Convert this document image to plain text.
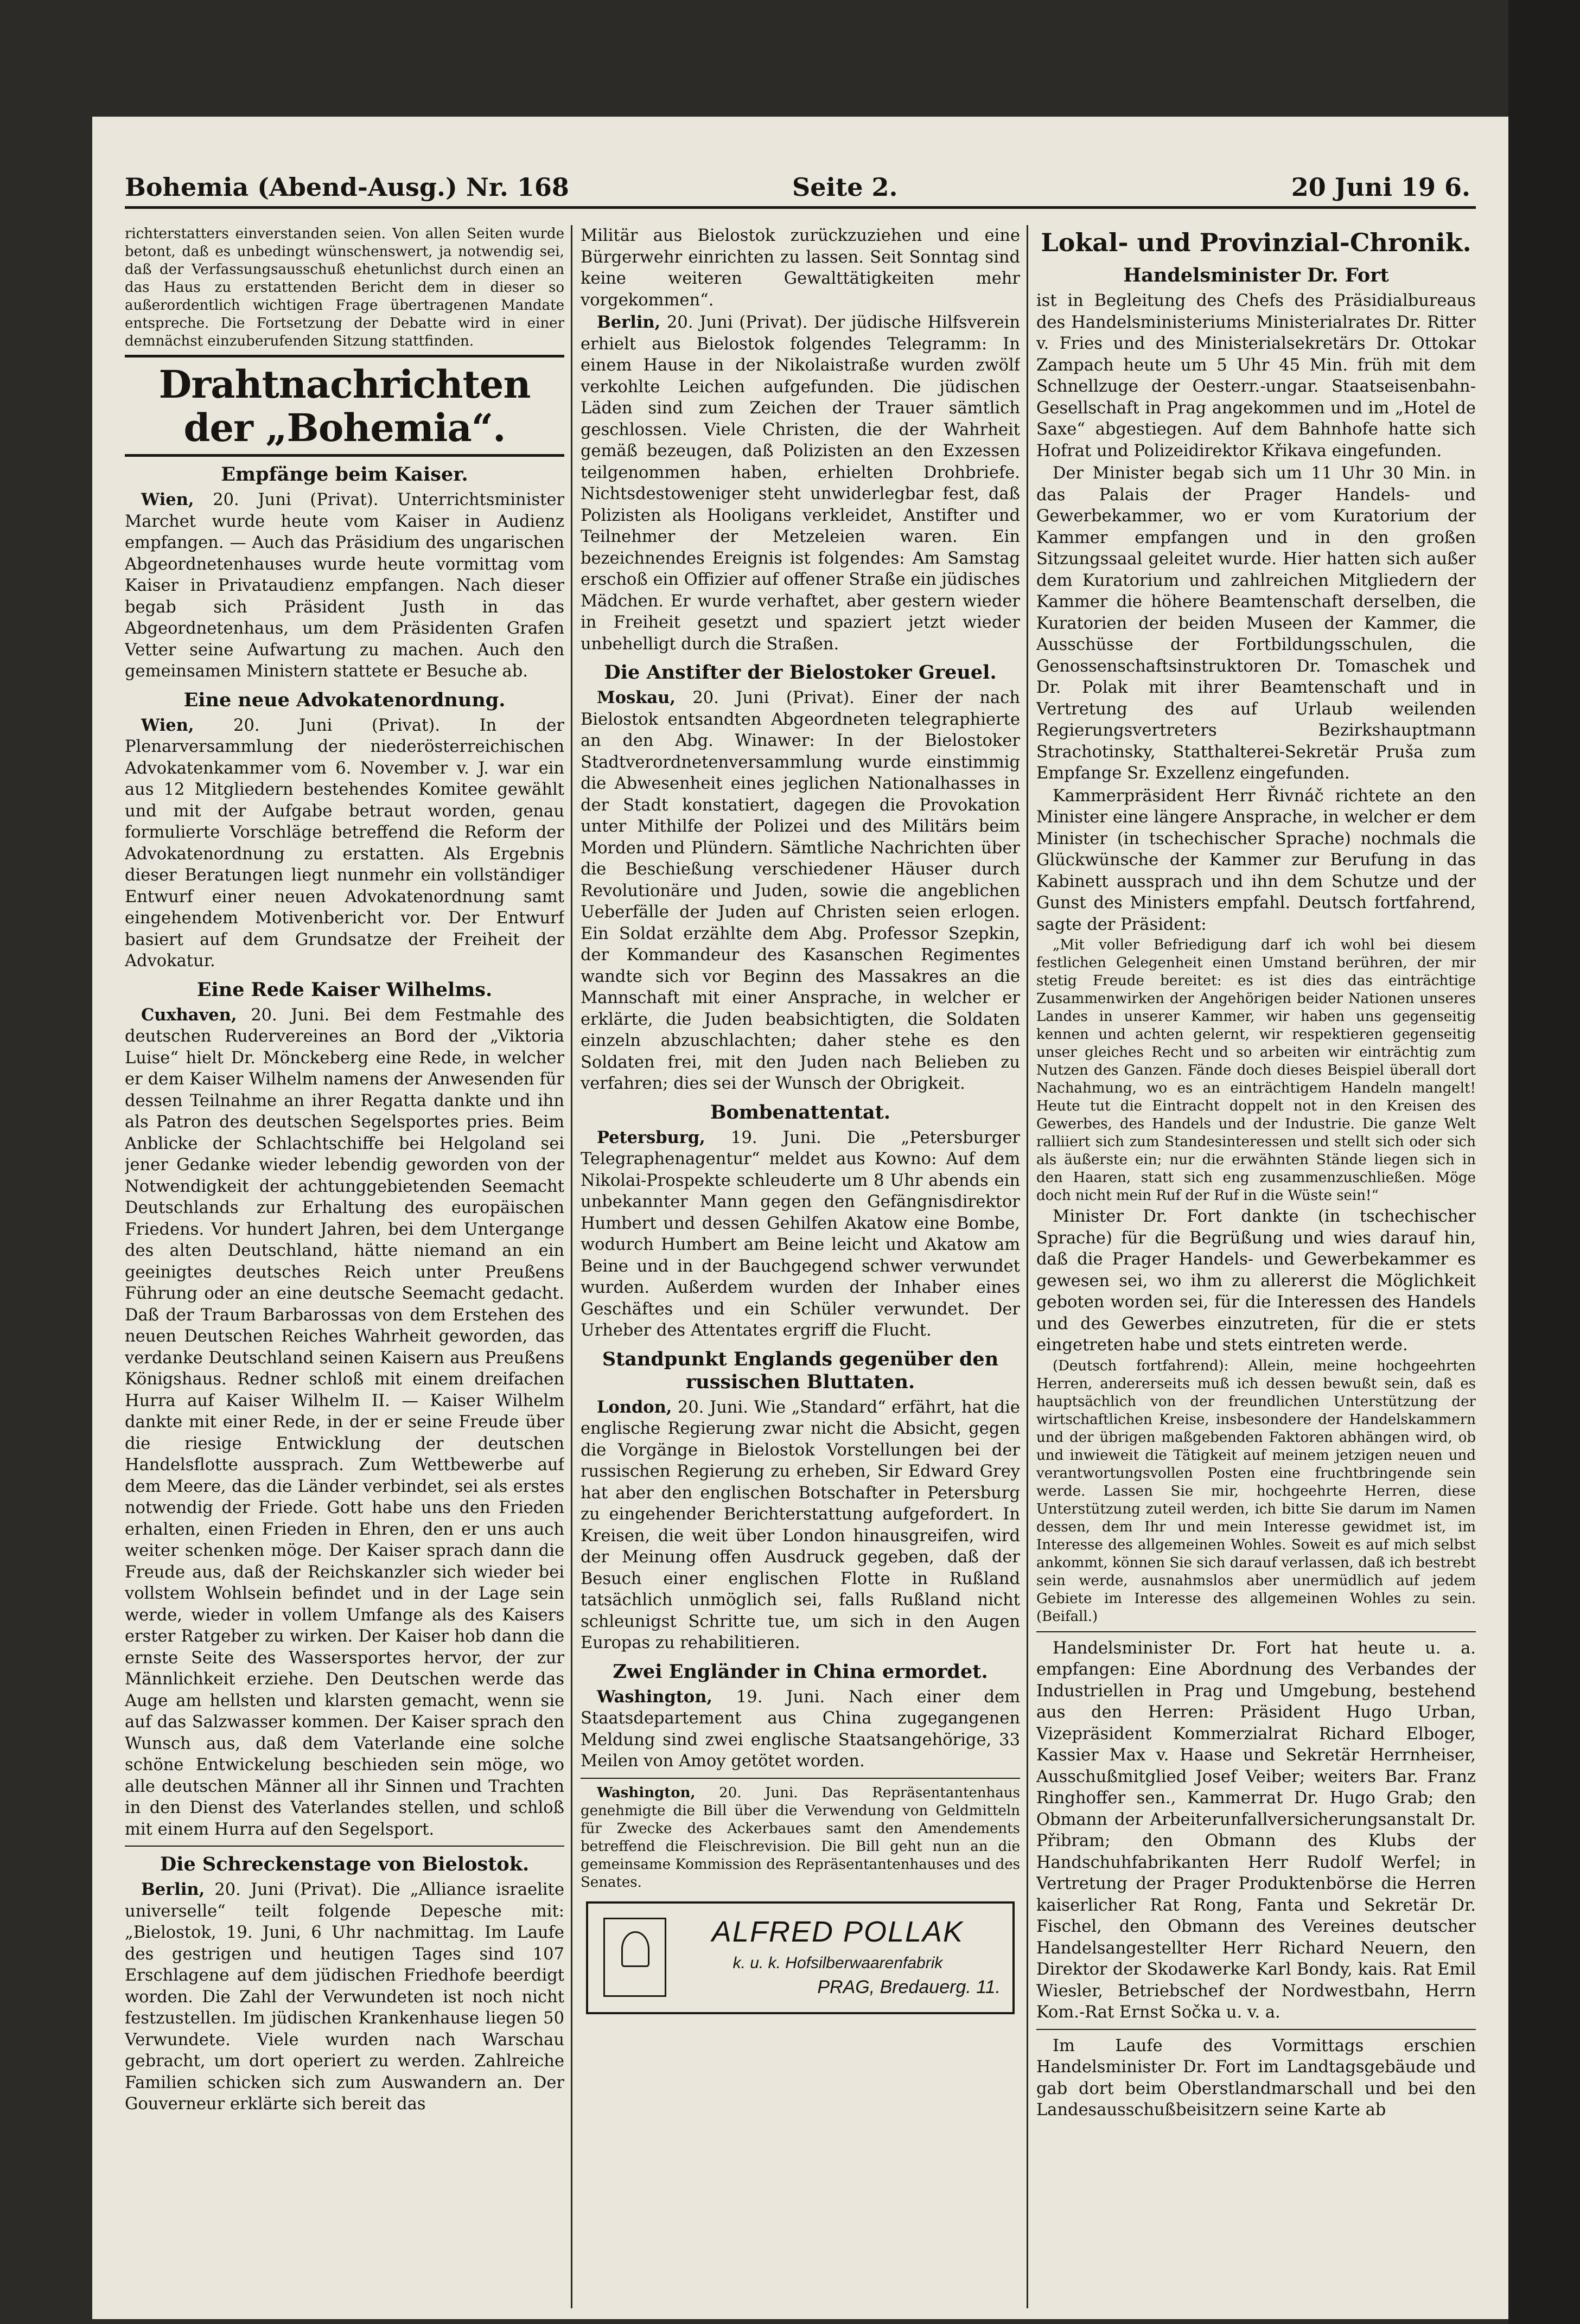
Bohemia (Abend-Ausg.) Nr. 168	Seite 2.	20 Juni 19 6.

richterstatters einverstanden seien. Von allen Seiten wurde betont, daß es unbedingt wünschenswert, ja notwendig sei, daß der Verfassungsausschuß ehetunlichst durch einen an das Haus zu erstattenden Bericht dem in dieser so außerordentlich wichtigen Frage übertragenen Mandate entspreche. Die Fortsetzung der Debatte wird in einer demnächst einzuberufenden Sitzung stattfinden.

Drahtnachrichten der „Bohemia“.
Empfänge beim Kaiser.

Wien, 20. Juni (Privat). Unterrichtsminister Marchet wurde heute vom Kaiser in Audienz empfangen. — Auch das Präsidium des ungarischen Abgeordnetenhauses wurde heute vormittag vom Kaiser in Privataudienz empfangen. Nach dieser begab sich Präsident Justh in das Abgeordnetenhaus, um dem Präsidenten Grafen Vetter seine Aufwartung zu machen. Auch den gemeinsamen Ministern stattete er Besuche ab.

Eine neue Advokatenordnung.

Wien, 20. Juni (Privat). In der Plenarversammlung der niederösterreichischen Advokatenkammer vom 6. November v. J. war ein aus 12 Mitgliedern bestehendes Komitee gewählt und mit der Aufgabe betraut worden, genau formulierte Vorschläge betreffend die Reform der Advokatenordnung zu erstatten. Als Ergebnis dieser Beratungen liegt nunmehr ein vollständiger Entwurf einer neuen Advokatenordnung samt eingehendem Motivenbericht vor. Der Entwurf basiert auf dem Grundsatze der Freiheit der Advokatur.

Eine Rede Kaiser Wilhelms.

Cuxhaven, 20. Juni. Bei dem Festmahle des deutschen Rudervereines an Bord der „Viktoria Luise“ hielt Dr. Mönckeberg eine Rede, in welcher er dem Kaiser Wilhelm namens der Anwesenden für dessen Teilnahme an ihrer Regatta dankte und ihn als Patron des deutschen Segelsportes pries. Beim Anblicke der Schlachtschiffe bei Helgoland sei jener Gedanke wieder lebendig geworden von der Notwendigkeit der achtunggebietenden Seemacht Deutschlands zur Erhaltung des europäischen Friedens. Vor hundert Jahren, bei dem Untergange des alten Deutschland, hätte niemand an ein geeinigtes deutsches Reich unter Preußens Führung oder an eine deutsche Seemacht gedacht. Daß der Traum Barbarossas von dem Erstehen des neuen Deutschen Reiches Wahrheit geworden, das verdanke Deutschland seinen Kaisern aus Preußens Königshaus. Redner schloß mit einem dreifachen Hurra auf Kaiser Wilhelm II. — Kaiser Wilhelm dankte mit einer Rede, in der er seine Freude über die riesige Entwicklung der deutschen Handelsflotte aussprach. Zum Wettbewerbe auf dem Meere, das die Länder verbindet, sei als erstes notwendig der Friede. Gott habe uns den Frieden erhalten, einen Frieden in Ehren, den er uns auch weiter schenken möge. Der Kaiser sprach dann die Freude aus, daß der Reichskanzler sich wieder bei vollstem Wohlsein befindet und in der Lage sein werde, wieder in vollem Umfange als des Kaisers erster Ratgeber zu wirken. Der Kaiser hob dann die ernste Seite des Wassersportes hervor, der zur Männlichkeit erziehe. Den Deutschen werde das Auge am hellsten und klarsten gemacht, wenn sie auf das Salzwasser kommen. Der Kaiser sprach den Wunsch aus, daß dem Vaterlande eine solche schöne Entwickelung beschieden sein möge, wo alle deutschen Männer all ihr Sinnen und Trachten in den Dienst des Vaterlandes stellen, und schloß mit einem Hurra auf den Segelsport.

Die Schreckenstage von Bielostok.

Berlin, 20. Juni (Privat). Die „Alliance israelite universelle“ teilt folgende Depesche mit: „Bielostok, 19. Juni, 6 Uhr nachmittag. Im Laufe des gestrigen und heutigen Tages sind 107 Erschlagene auf dem jüdischen Friedhofe beerdigt worden. Die Zahl der Verwundeten ist noch nicht festzustellen. Im jüdischen Krankenhause liegen 50 Verwundete. Viele wurden nach Warschau gebracht, um dort operiert zu werden. Zahlreiche Familien schicken sich zum Auswandern an. Der Gouverneur erklärte sich bereit das

Militär aus Bielostok zurückzuziehen und eine Bürgerwehr einrichten zu lassen. Seit Sonntag sind keine weiteren Gewalttätigkeiten mehr vorgekommen“.

Berlin, 20. Juni (Privat). Der jüdische Hilfsverein erhielt aus Bielostok folgendes Telegramm: In einem Hause in der Nikolaistraße wurden zwölf verkohlte Leichen aufgefunden. Die jüdischen Läden sind zum Zeichen der Trauer sämtlich geschlossen. Viele Christen, die der Wahrheit gemäß bezeugen, daß Polizisten an den Exzessen teilgenommen haben, erhielten Drohbriefe. Nichtsdestoweniger steht unwiderlegbar fest, daß Polizisten als Hooligans verkleidet, Anstifter und Teilnehmer der Metzeleien waren. Ein bezeichnendes Ereignis ist folgendes: Am Samstag erschoß ein Offizier auf offener Straße ein jüdisches Mädchen. Er wurde verhaftet, aber gestern wieder in Freiheit gesetzt und spaziert jetzt wieder unbehelligt durch die Straßen.

Die Anstifter der Bielostoker Greuel.

Moskau, 20. Juni (Privat). Einer der nach Bielostok entsandten Abgeordneten telegraphierte an den Abg. Winawer: In der Bielostoker Stadtverordnetenversammlung wurde einstimmig die Abwesenheit eines jeglichen Nationalhasses in der Stadt konstatiert, dagegen die Provokation unter Mithilfe der Polizei und des Militärs beim Morden und Plündern. Sämtliche Nachrichten über die Beschießung verschiedener Häuser durch Revolutionäre und Juden, sowie die angeblichen Ueberfälle der Juden auf Christen seien erlogen. Ein Soldat erzählte dem Abg. Professor Szepkin, der Kommandeur des Kasanschen Regimentes wandte sich vor Beginn des Massakres an die Mannschaft mit einer Ansprache, in welcher er erklärte, die Juden beabsichtigten, die Soldaten einzeln abzuschlachten; daher stehe es den Soldaten frei, mit den Juden nach Belieben zu verfahren; dies sei der Wunsch der Obrigkeit.

Bombenattentat.

Petersburg, 19. Juni. Die „Petersburger Telegraphenagentur“ meldet aus Kowno: Auf dem Nikolai-Prospekte schleuderte um 8 Uhr abends ein unbekannter Mann gegen den Gefängnisdirektor Humbert und dessen Gehilfen Akatow eine Bombe, wodurch Humbert am Beine leicht und Akatow am Beine und in der Bauchgegend schwer verwundet wurden. Außerdem wurden der Inhaber eines Geschäftes und ein Schüler verwundet. Der Urheber des Attentates ergriff die Flucht.

Standpunkt Englands gegenüber den russischen Bluttaten.

London, 20. Juni. Wie „Standard“ erfährt, hat die englische Regierung zwar nicht die Absicht, gegen die Vorgänge in Bielostok Vorstellungen bei der russischen Regierung zu erheben, Sir Edward Grey hat aber den englischen Botschafter in Petersburg zu eingehender Berichterstattung aufgefordert. In Kreisen, die weit über London hinausgreifen, wird der Meinung offen Ausdruck gegeben, daß der Besuch einer englischen Flotte in Rußland tatsächlich unmöglich sei, falls Rußland nicht schleunigst Schritte tue, um sich in den Augen Europas zu rehabilitieren.

Zwei Engländer in China ermordet.

Washington, 19. Juni. Nach einer dem Staatsdepartement aus China zugegangenen Meldung sind zwei englische Staatsangehörige, 33 Meilen von Amoy getötet worden.

Washington, 20. Juni. Das Repräsentantenhaus genehmigte die Bill über die Verwendung von Geldmitteln für Zwecke des Ackerbaues samt den Amendements betreffend die Fleischrevision. Die Bill geht nun an die gemeinsame Kommission des Repräsentantenhauses und des Senates.

ALFRED POLLAK
k. u. k. Hofsilberwaarenfabrik
PRAG, Bredauerg. 11.
Lokal- und Provinzial-Chronik.
Handelsminister Dr. Fort

ist in Begleitung des Chefs des Präsidialbureaus des Handelsministeriums Ministerialrates Dr. Ritter v. Fries und des Ministerialsekretärs Dr. Ottokar Zampach heute um 5 Uhr 45 Min. früh mit dem Schnellzuge der Oesterr.-ungar. Staatseisenbahn-Gesellschaft in Prag angekommen und im „Hotel de Saxe“ abgestiegen. Auf dem Bahnhofe hatte sich Hofrat und Polizeidirektor Křikava eingefunden.

Der Minister begab sich um 11 Uhr 30 Min. in das Palais der Prager Handels- und Gewerbekammer, wo er vom Kuratorium der Kammer empfangen und in den großen Sitzungssaal geleitet wurde. Hier hatten sich außer dem Kuratorium und zahlreichen Mitgliedern der Kammer die höhere Beamtenschaft derselben, die Kuratorien der beiden Museen der Kammer, die Ausschüsse der Fortbildungsschulen, die Genossenschaftsinstruktoren Dr. Tomaschek und Dr. Polak mit ihrer Beamtenschaft und in Vertretung des auf Urlaub weilenden Regierungsvertreters Bezirkshauptmann Strachotinsky, Statthalterei-Sekretär Pruša zum Empfange Sr. Exzellenz eingefunden.

Kammerpräsident Herr Řivnáč richtete an den Minister eine längere Ansprache, in welcher er dem Minister (in tschechischer Sprache) nochmals die Glückwünsche der Kammer zur Berufung in das Kabinett aussprach und ihn dem Schutze und der Gunst des Ministers empfahl. Deutsch fortfahrend, sagte der Präsident:

„Mit voller Befriedigung darf ich wohl bei diesem festlichen Gelegenheit einen Umstand berühren, der mir stetig Freude bereitet: es ist dies das einträchtige Zusammenwirken der Angehörigen beider Nationen unseres Landes in unserer Kammer, wir haben uns gegenseitig kennen und achten gelernt, wir respektieren gegenseitig unser gleiches Recht und so arbeiten wir einträchtig zum Nutzen des Ganzen. Fände doch dieses Beispiel überall dort Nachahmung, wo es an einträchtigem Handeln mangelt! Heute tut die Eintracht doppelt not in den Kreisen des Gewerbes, des Handels und der Industrie. Die ganze Welt ralliiert sich zum Standesinteressen und stellt sich oder sich als äußerste ein; nur die erwähnten Stände liegen sich in den Haaren, statt sich eng zusammenzuschließen. Möge doch nicht mein Ruf der Ruf in die Wüste sein!“

Minister Dr. Fort dankte (in tschechischer Sprache) für die Begrüßung und wies darauf hin, daß die Prager Handels- und Gewerbekammer es gewesen sei, wo ihm zu allererst die Möglichkeit geboten worden sei, für die Interessen des Handels und des Gewerbes einzutreten, für die er stets eingetreten habe und stets eintreten werde.

(Deutsch fortfahrend): Allein, meine hochgeehrten Herren, andererseits muß ich dessen bewußt sein, daß es hauptsächlich von der freundlichen Unterstützung der wirtschaftlichen Kreise, insbesondere der Handelskammern und der übrigen maßgebenden Faktoren abhängen wird, ob und inwieweit die Tätigkeit auf meinem jetzigen neuen und verantwortungsvollen Posten eine fruchtbringende sein werde. Lassen Sie mir, hochgeehrte Herren, diese Unterstützung zuteil werden, ich bitte Sie darum im Namen dessen, dem Ihr und mein Interesse gewidmet ist, im Interesse des allgemeinen Wohles. Soweit es auf mich selbst ankommt, können Sie sich darauf verlassen, daß ich bestrebt sein werde, ausnahmslos aber unermüdlich auf jedem Gebiete im Interesse des allgemeinen Wohles zu sein. (Beifall.)

Handelsminister Dr. Fort hat heute u. a. empfangen: Eine Abordnung des Verbandes der Industriellen in Prag und Umgebung, bestehend aus den Herren: Präsident Hugo Urban, Vizepräsident Kommerzialrat Richard Elboger, Kassier Max v. Haase und Sekretär Herrnheiser, Ausschußmitglied Josef Veiber; weiters Bar. Franz Ringhoffer sen., Kammerrat Dr. Hugo Grab; den Obmann der Arbeiterunfallversicherungsanstalt Dr. Přibram; den Obmann des Klubs der Handschuhfabrikanten Herr Rudolf Werfel; in Vertretung der Prager Produktenbörse die Herren kaiserlicher Rat Rong, Fanta und Sekretär Dr. Fischel, den Obmann des Vereines deutscher Handelsangestellter Herr Richard Neuern, den Direktor der Skodawerke Karl Bondy, kais. Rat Emil Wiesler, Betriebschef der Nordwestbahn, Herrn Kom.-Rat Ernst Sočka u. v. a.

Im Laufe des Vormittags erschien Handelsminister Dr. Fort im Landtagsgebäude und gab dort beim Oberstlandmarschall und bei den Landesausschußbeisitzern seine Karte ab
